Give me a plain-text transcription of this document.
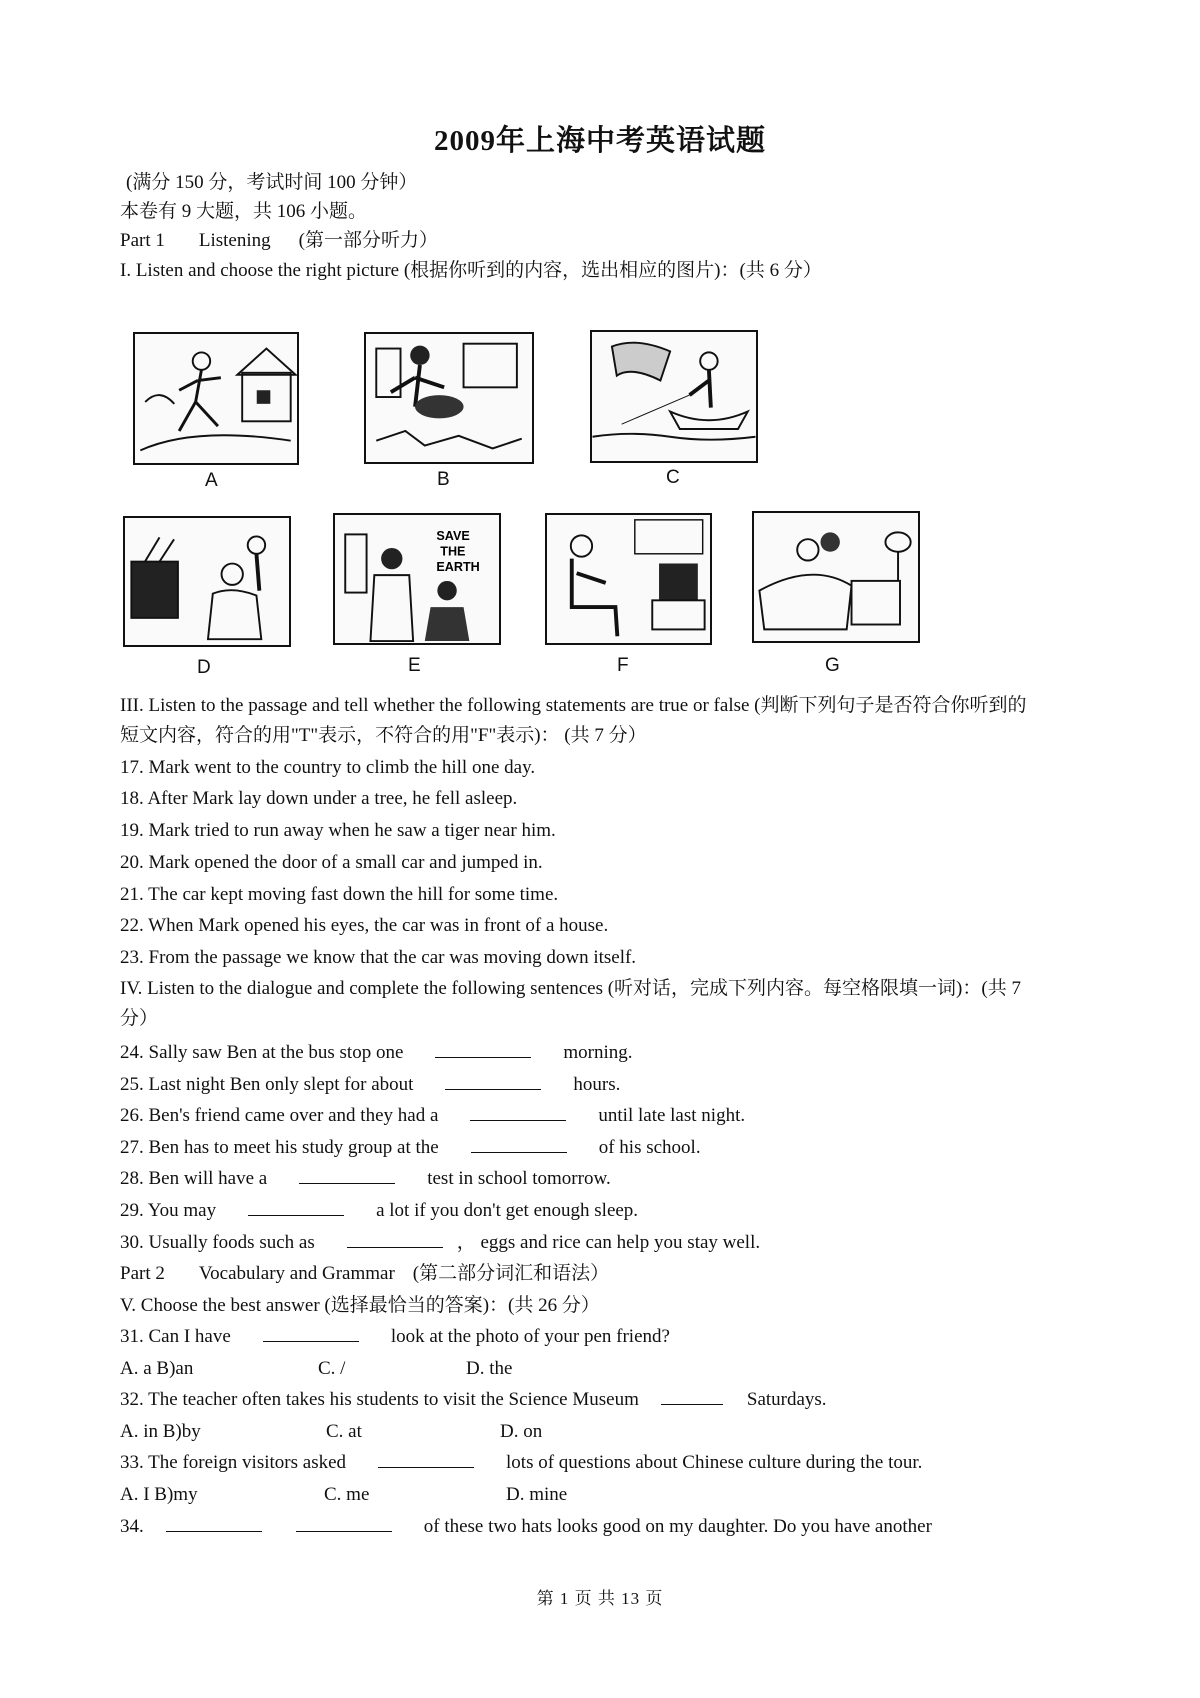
2009年上海中考英语试题
(满分 150 分，考试时间 100 分钟）
本卷有 9 大题，共 106 小题。
Part 1 Listening (第一部分听力）
I. Listen and choose the right picture (根据你听到的内容，选出相应的图片)：(共 6 分）
A	B	C
D
SAVE
THE
EARTH
E	F	G
III. Listen to the passage and tell whether the following statements are true or false (判断下列句子是否符合你听到的短文内容，符合的用"T"表示，不符合的用"F"表示)： (共 7 分）
17. Mark went to the country to climb the hill one day.
18. After Mark lay down under a tree, he fell asleep.
19. Mark tried to run away when he saw a tiger near him.
20. Mark opened the door of a small car and jumped in.
21. The car kept moving fast down the hill for some time.
22. When Mark opened his eyes, the car was in front of a house.
23. From the passage we know that the car was moving down itself.
IV. Listen to the dialogue and complete the following sentences (听对话，完成下列内容。每空格限填一词)：(共 7 分）
24. Sally saw Ben at the bus stop one	morning.
25. Last night Ben only slept for about	hours.
26. Ben's friend came over and they had a	until late last night.
27. Ben has to meet his study group at the	of his school.
28. Ben will have a	test in school tomorrow.
29. You may	a lot if you don't get enough sleep.
30. Usually foods such as	， eggs and rice can help you stay well.
Part 2 Vocabulary and Grammar (第二部分词汇和语法）
V. Choose the best answer (选择最恰当的答案)：(共 26 分）
31. Can I have	look at the photo of your pen friend?
A. a B)an	C. /	D. the
32. The teacher often takes his students to visit the Science Museum	Saturdays.
A. in B)by	C. at	D. on
33. The foreign visitors asked	lots of questions about Chinese culture during the tour.
A. I B)my	C. me	D. mine
34.	of these two hats looks good on my daughter. Do you have another
第 1 页 共 13 页
